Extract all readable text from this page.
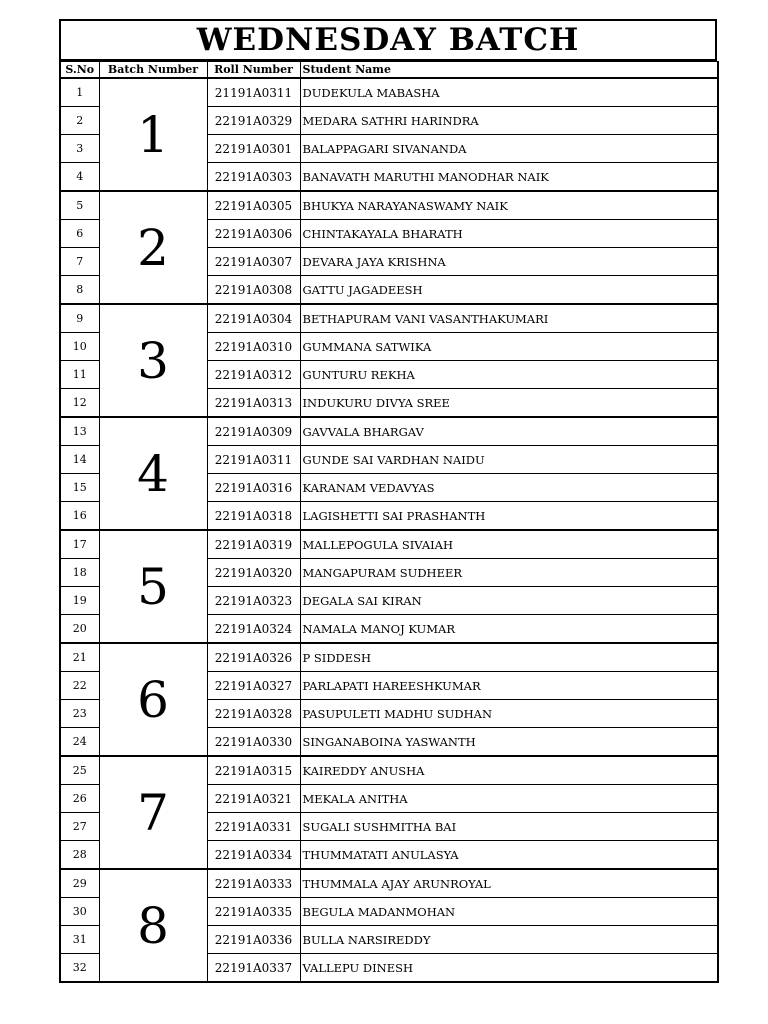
WEDNESDAY BATCH
S.No	Batch Number	Roll Number	Student Name
1	1	21191A0311	DUDEKULA MABASHA
2		22191A0329	MEDARA SATHRI HARINDRA
3		22191A0301	BALAPPAGARI SIVANANDA
4		22191A0303	BANAVATH MARUTHI MANODHAR NAIK
5	2	22191A0305	BHUKYA NARAYANASWAMY NAIK
6		22191A0306	CHINTAKAYALA BHARATH
7		22191A0307	DEVARA JAYA KRISHNA
8		22191A0308	GATTU JAGADEESH
9	3	22191A0304	BETHAPURAM VANI VASANTHAKUMARI
10		22191A0310	GUMMANA SATWIKA
11		22191A0312	GUNTURU REKHA
12		22191A0313	INDUKURU DIVYA SREE
13	4	22191A0309	GAVVALA BHARGAV
14		22191A0311	GUNDE SAI VARDHAN NAIDU
15		22191A0316	KARANAM VEDAVYAS
16		22191A0318	LAGISHETTI SAI PRASHANTH
17	5	22191A0319	MALLEPOGULA SIVAIAH
18		22191A0320	MANGAPURAM SUDHEER
19		22191A0323	DEGALA SAI KIRAN
20		22191A0324	NAMALA MANOJ KUMAR
21	6	22191A0326	P SIDDESH
22		22191A0327	PARLAPATI HAREESHKUMAR
23		22191A0328	PASUPULETI MADHU SUDHAN
24		22191A0330	SINGANABOINA YASWANTH
25	7	22191A0315	KAIREDDY ANUSHA
26		22191A0321	MEKALA ANITHA
27		22191A0331	SUGALI SUSHMITHA BAI
28		22191A0334	THUMMATATI ANULASYA
29	8	22191A0333	THUMMALA AJAY ARUNROYAL
30		22191A0335	BEGULA MADANMOHAN
31		22191A0336	BULLA NARSIREDDY
32		22191A0337	VALLEPU DINESH
